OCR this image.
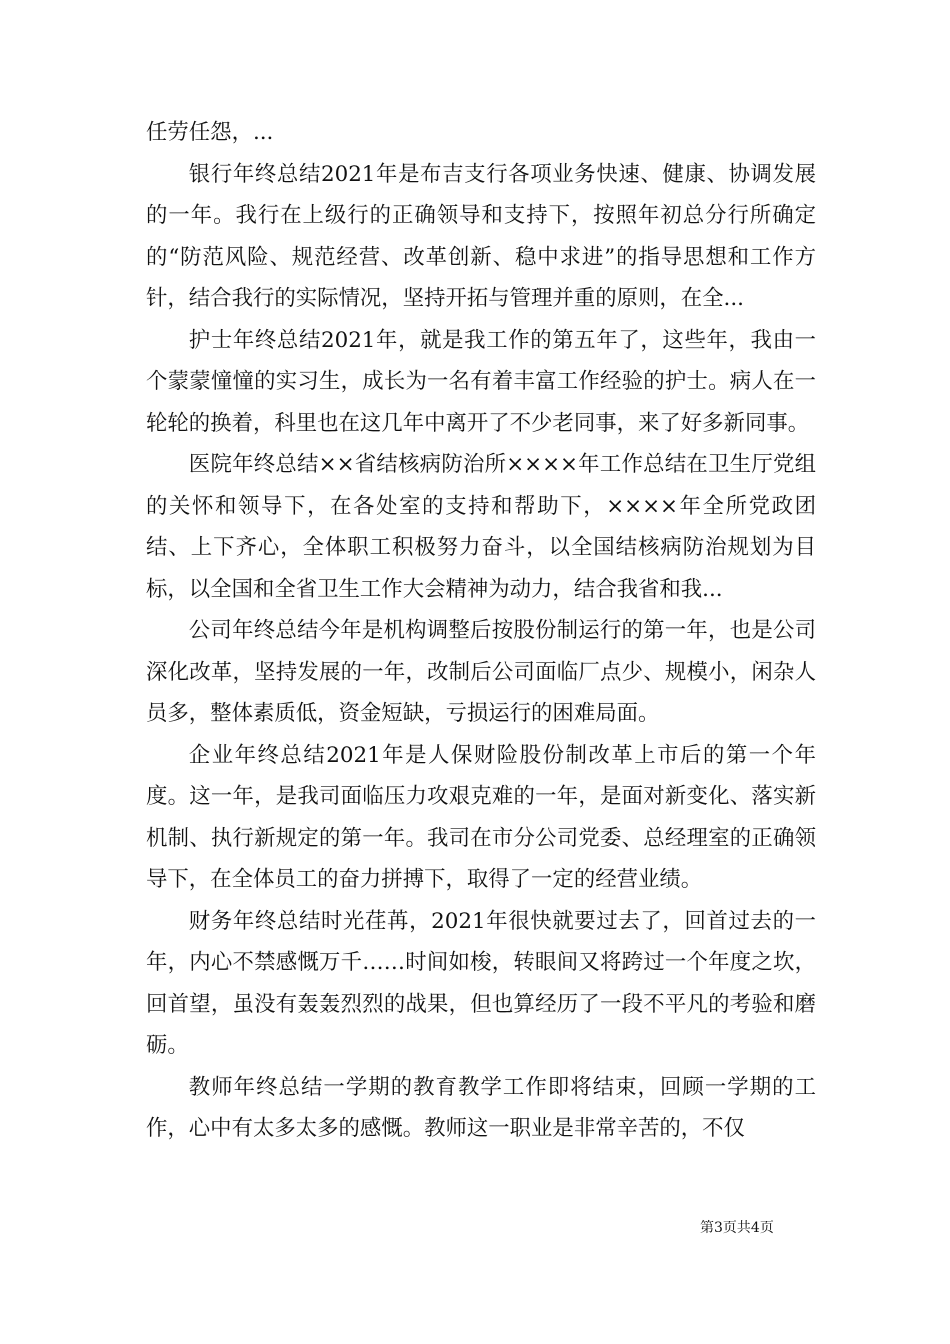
任劳任怨，...

银行年终总结2021年是布吉支行各项业务快速、健康、协调发展的一年。我行在上级行的正确领导和支持下，按照年初总分行所确定的“防范风险、规范经营、改革创新、稳中求进”的指导思想和工作方针，结合我行的实际情况，坚持开拓与管理并重的原则，在全...

护士年终总结2021年，就是我工作的第五年了，这些年，我由一个蒙蒙憧憧的实习生，成长为一名有着丰富工作经验的护士。病人在一轮轮的换着，科里也在这几年中离开了不少老同事，来了好多新同事。

医院年终总结××省结核病防治所××××年工作总结在卫生厅党组的关怀和领导下，在各处室的支持和帮助下，××××年全所党政团结、上下齐心，全体职工积极努力奋斗，以全国结核病防治规划为目标，以全国和全省卫生工作大会精神为动力，结合我省和我...

公司年终总结今年是机构调整后按股份制运行的第一年，也是公司深化改革，坚持发展的一年，改制后公司面临厂点少、规模小，闲杂人员多，整体素质低，资金短缺，亏损运行的困难局面。

企业年终总结2021年是人保财险股份制改革上市后的第一个年度。这一年，是我司面临压力攻艰克难的一年，是面对新变化、落实新机制、执行新规定的第一年。我司在市分公司党委、总经理室的正确领导下，在全体员工的奋力拼搏下，取得了一定的经营业绩。

财务年终总结时光荏苒，2021年很快就要过去了，回首过去的一年，内心不禁感慨万千……时间如梭，转眼间又将跨过一个年度之坎，回首望，虽没有轰轰烈烈的战果，但也算经历了一段不平凡的考验和磨砺。

教师年终总结一学期的教育教学工作即将结束，回顾一学期的工作，心中有太多太多的感慨。教师这一职业是非常辛苦的，不仅

第3页共4页
